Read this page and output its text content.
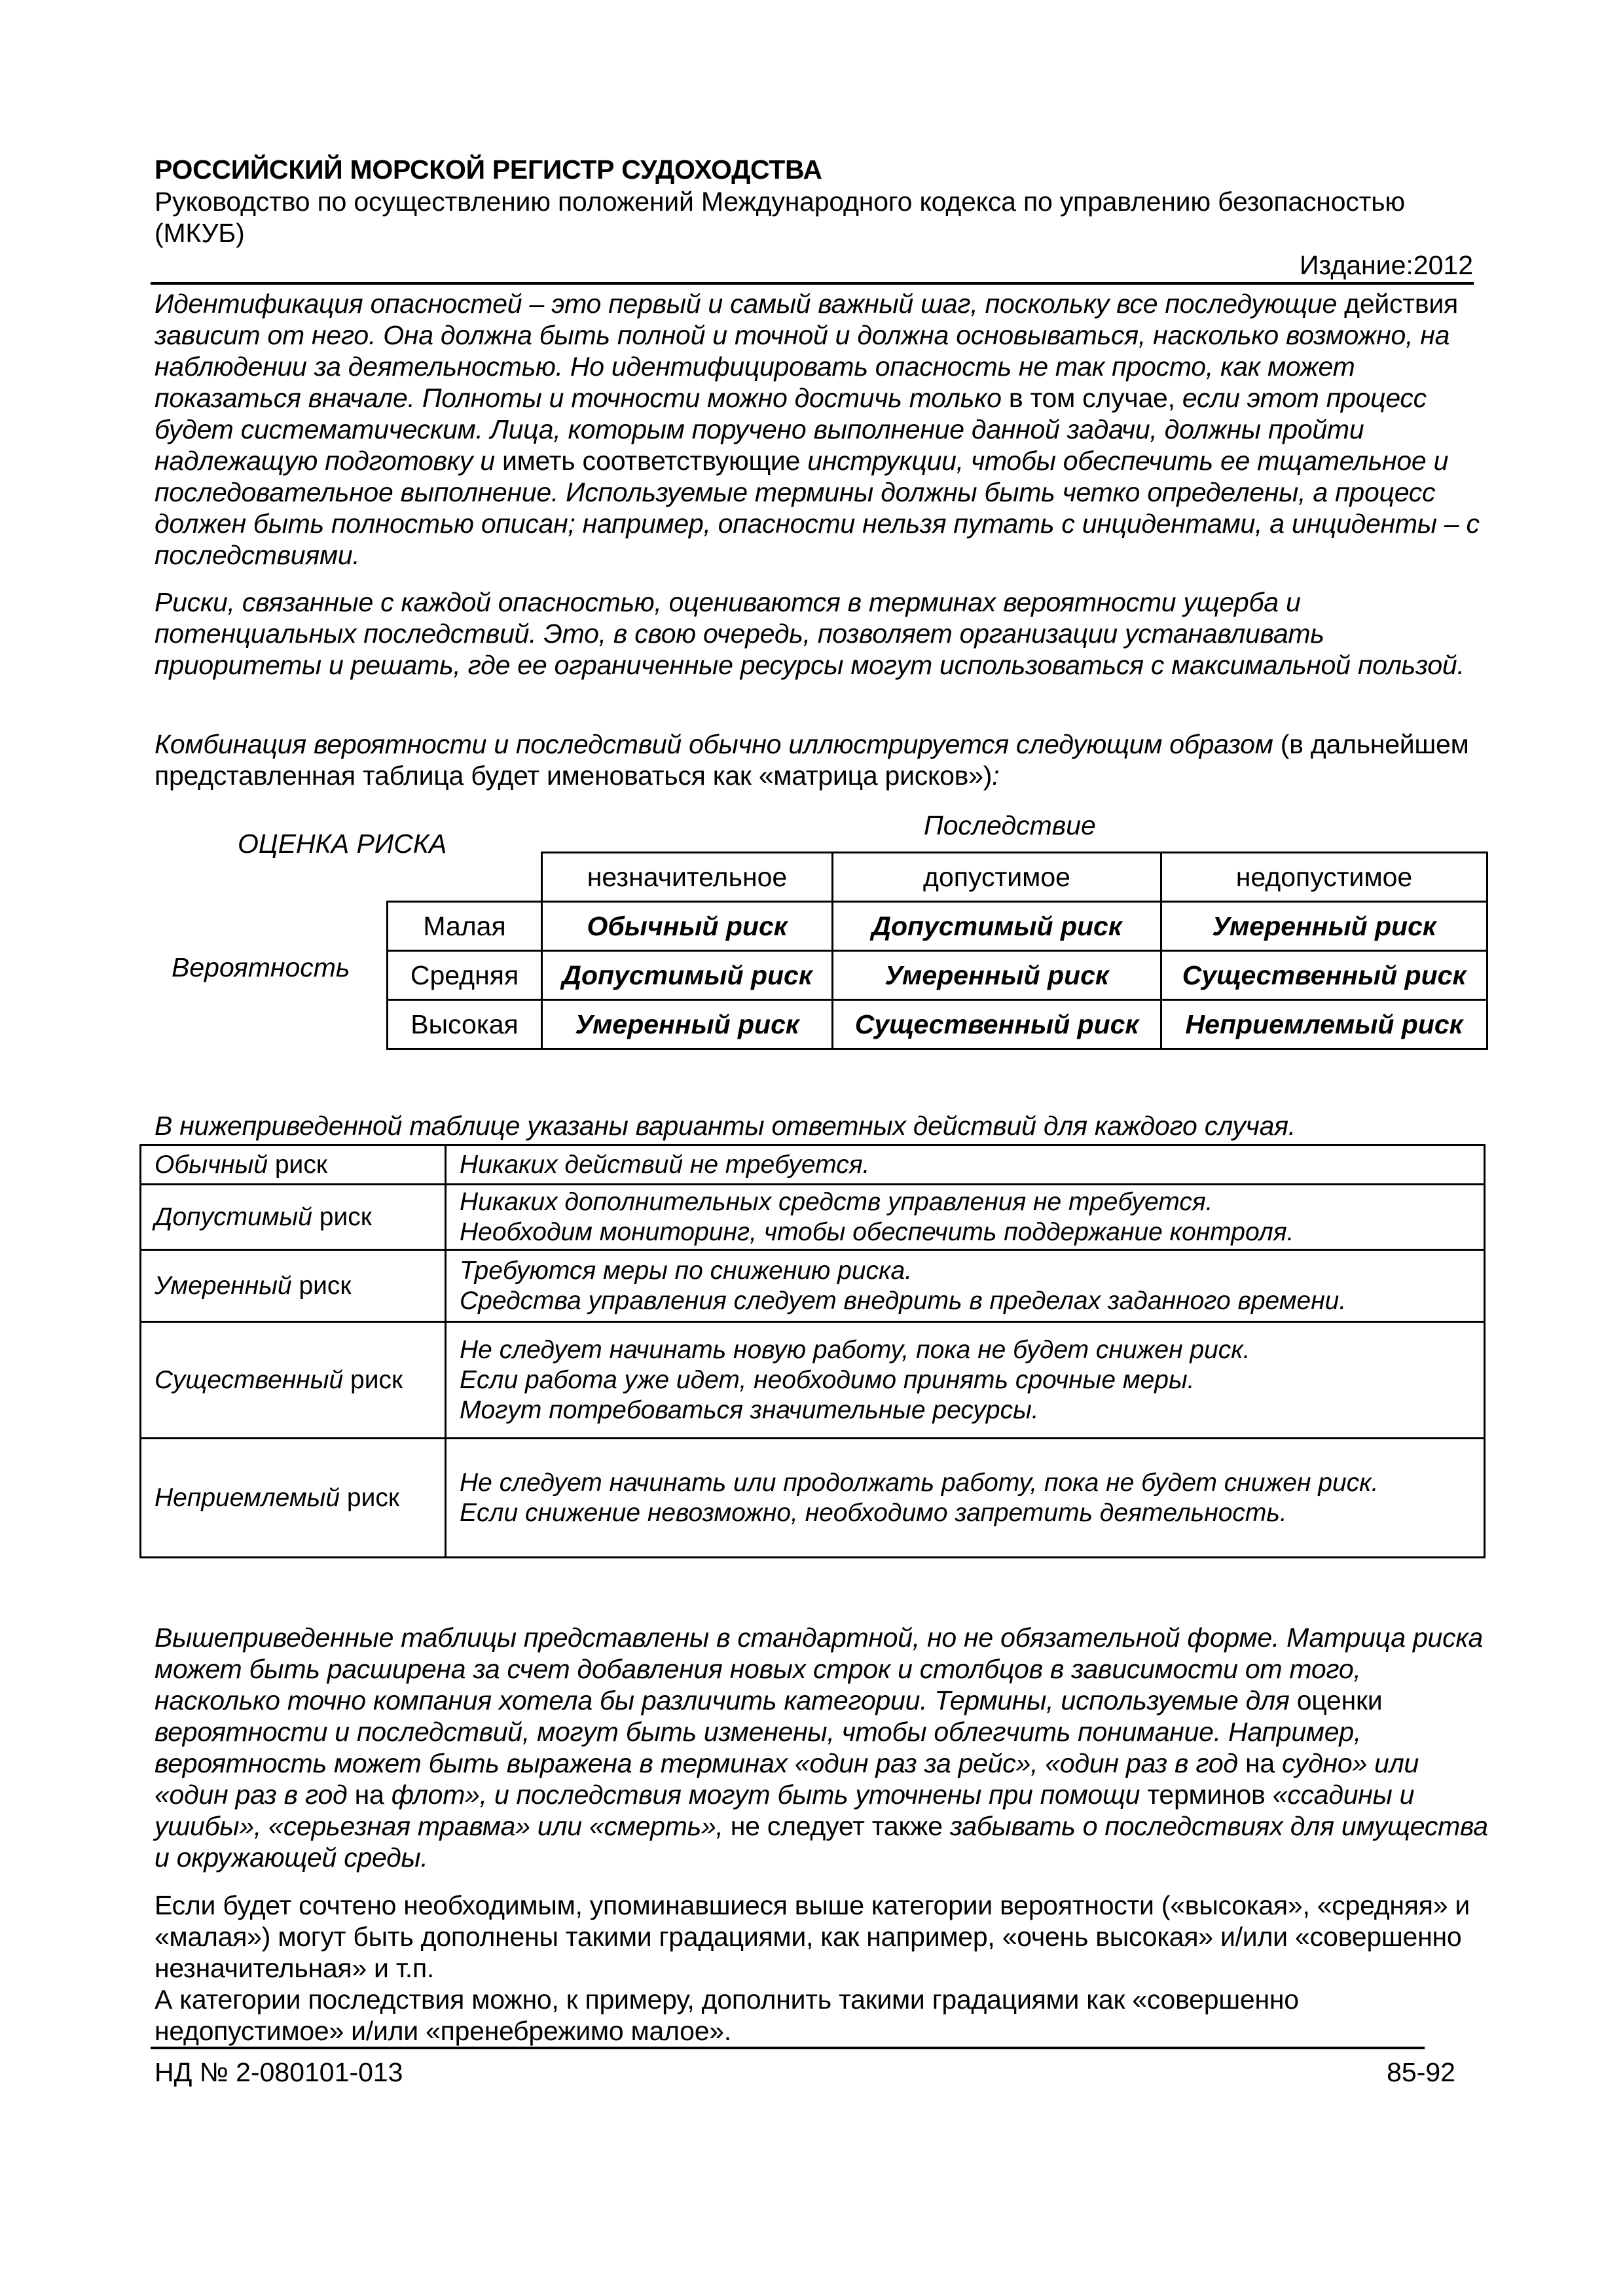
РОССИЙСКИЙ МОРСКОЙ РЕГИСТР СУДОХОДСТВА
Руководство по осуществлению положений Международного кодекса по управлению безопасностью (МКУБ)
Издание:2012
Идентификация опасностей – это первый и самый важный шаг, поскольку все последующие действия зависит от него. Она должна быть полной и точной и должна основываться, насколько возможно, на наблюдении за деятельностью. Но идентифицировать опасность не так просто, как может показаться вначале. Полноты и точности можно достичь только в том случае, если этот процесс будет систематическим. Лица, которым поручено выполнение данной задачи, должны пройти надлежащую подготовку и иметь соответствующие инструкции, чтобы обеспечить ее тщательное и последовательное выполнение. Используемые термины должны быть четко определены, а процесс должен быть полностью описан; например, опасности нельзя путать с инцидентами, а инциденты – с последствиями.
Риски, связанные с каждой опасностью, оцениваются в терминах вероятности ущерба и потенциальных последствий. Это, в свою очередь, позволяет организации устанавливать приоритеты и решать, где ее ограниченные ресурсы могут использоваться с максимальной пользой.
Комбинация вероятности и последствий обычно иллюстрируется следующим образом (в дальнейшем представленная таблица будет именоваться как «матрица рисков»):
ОЦЕНКА РИСКА
Последствие
Вероятность
незначительное	допустимое	недопустимое
Малая	Обычный риск	Допустимый риск	Умеренный риск
Средняя	Допустимый риск	Умеренный риск	Существенный риск
Высокая	Умеренный риск	Существенный риск	Неприемлемый риск
В нижеприведенной таблице указаны варианты ответных действий для каждого случая.
Обычный риск	Никаких действий не требуется.

Допустимый риск	Никаких дополнительных средств управления не требуется.
Необходим мониторинг, чтобы обеспечить поддержание контроля.

Умеренный риск	Требуются меры по снижению риска.
Средства управления следует внедрить в пределах заданного времени.

Существенный риск	Не следует начинать новую работу, пока не будет снижен риск.
Если работа уже идет, необходимо принять срочные меры.
Могут потребоваться значительные ресурсы.

Неприемлемый риск	Не следует начинать или продолжать работу, пока не будет снижен риск.
Если снижение невозможно, необходимо запретить деятельность.
Вышеприведенные таблицы представлены в стандартной, но не обязательной форме. Матрица риска может быть расширена за счет добавления новых строк и столбцов в зависимости от того, насколько точно компания хотела бы различить категории. Термины, используемые для оценки вероятности и последствий, могут быть изменены, чтобы облегчить понимание. Например, вероятность может быть выражена в терминах «один раз за рейс», «один раз в год на судно» или «один раз в год на флот», и последствия могут быть уточнены при помощи терминов «ссадины и ушибы», «серьезная травма» или «смерть», не следует также забывать о последствиях для имущества и окружающей среды.
Если будет сочтено необходимым, упоминавшиеся выше категории вероятности («высокая», «средняя» и «малая») могут быть дополнены такими градациями, как например, «очень высокая» и/или «совершенно незначительная» и т.п.
А категории последствия можно, к примеру, дополнить такими градациями как «совершенно недопустимое» и/или «пренебрежимо малое».
НД № 2-080101-013	85-92
